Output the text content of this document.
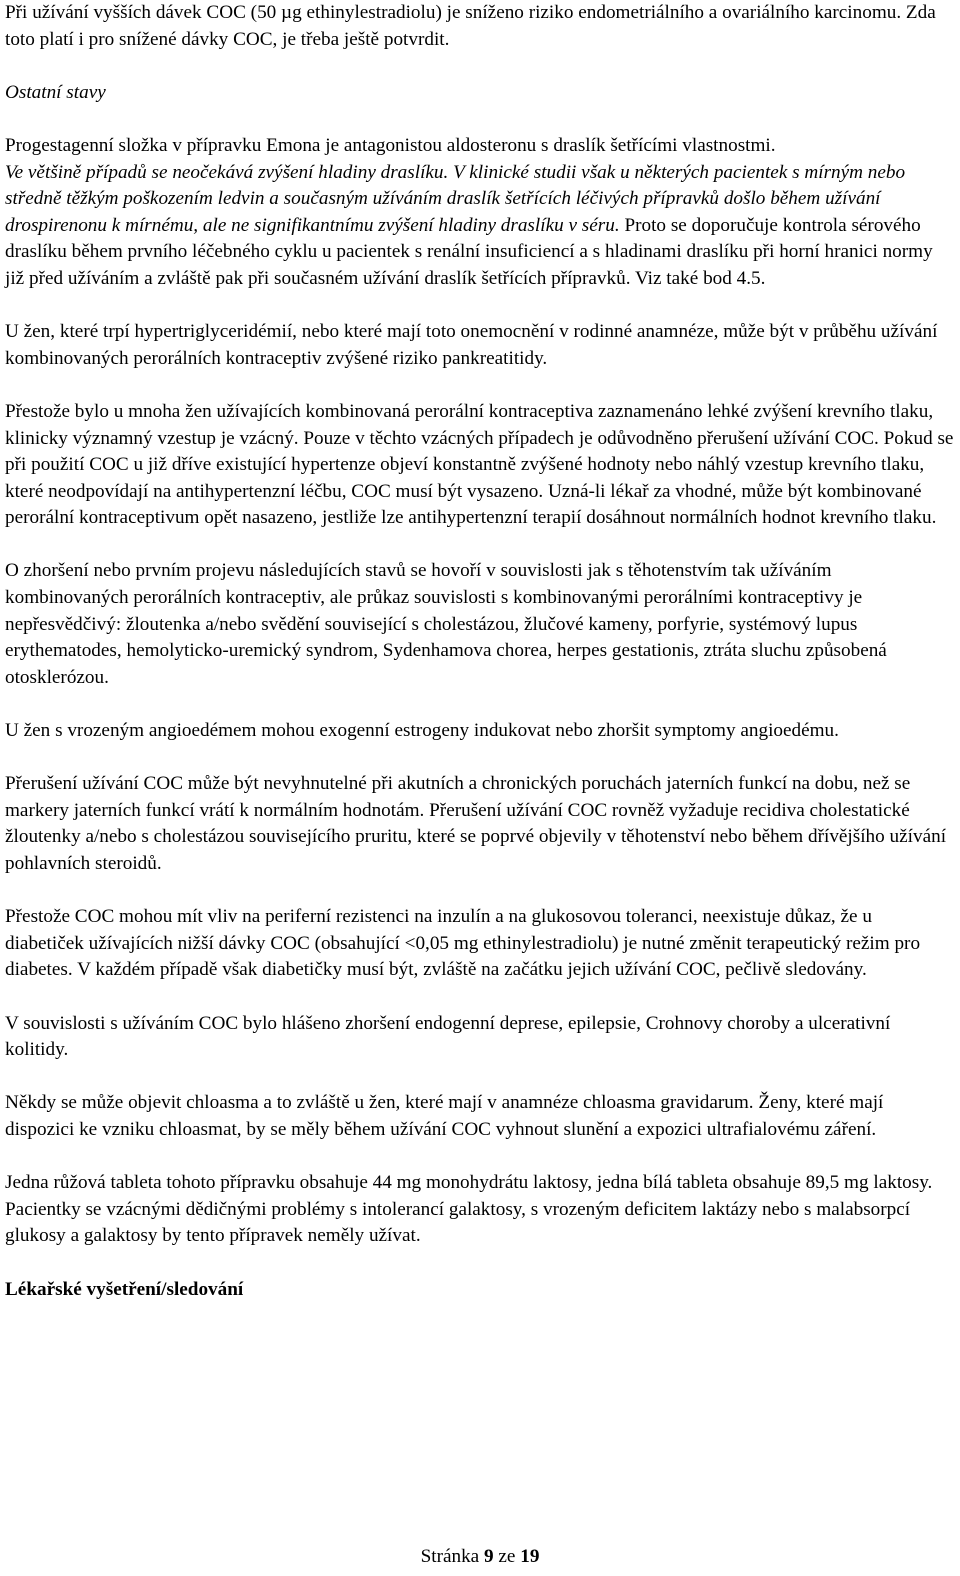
Při užívání vyšších dávek COC (50 µg ethinylestradiolu) je sníženo riziko endometriálního a ovariálního karcinomu. Zda toto platí i pro snížené dávky COC, je třeba ještě potvrdit.

Ostatní stavy

Progestagenní složka v přípravku Emona je antagonistou aldosteronu s draslík šetřícími vlastnostmi.
Ve většině případů se neočekává zvýšení hladiny draslíku. V klinické studii však u některých pacientek s mírným nebo středně těžkým poškozením ledvin a současným užíváním draslík šetřících léčivých přípravků došlo během užívání drospirenonu k mírnému, ale ne signifikantnímu zvýšení hladiny draslíku v séru. Proto se doporučuje kontrola sérového draslíku během prvního léčebného cyklu u pacientek s renální insuficiencí a s hladinami draslíku při horní hranici normy již před užíváním a zvláště pak při současném užívání draslík šetřících přípravků. Viz také bod 4.5.

U žen, které trpí hypertriglyceridémií, nebo které mají toto onemocnění v rodinné anamnéze, může být v průběhu užívání kombinovaných perorálních kontraceptiv zvýšené riziko pankreatitidy.

Přestože bylo u mnoha žen užívajících kombinovaná perorální kontraceptiva zaznamenáno lehké zvýšení krevního tlaku, klinicky významný vzestup je vzácný. Pouze v těchto vzácných případech je odůvodněno přerušení užívání COC. Pokud se při použití COC u již dříve existující hypertenze objeví konstantně zvýšené hodnoty nebo náhlý vzestup krevního tlaku, které neodpovídají na antihypertenzní léčbu, COC musí být vysazeno. Uzná-li lékař za vhodné, může být kombinované perorální kontraceptivum opět nasazeno, jestliže lze antihypertenzní terapií dosáhnout normálních hodnot krevního tlaku.

O zhoršení nebo prvním projevu následujících stavů se hovoří v souvislosti jak s těhotenstvím tak užíváním kombinovaných perorálních kontraceptiv, ale průkaz souvislosti s kombinovanými perorálními kontraceptivy je nepřesvědčivý: žloutenka a/nebo svědění související s cholestázou, žlučové kameny, porfyrie, systémový lupus erythematodes, hemolyticko-uremický syndrom, Sydenhamova chorea, herpes gestationis, ztráta sluchu způsobená otosklerózou.

U žen s vrozeným angioedémem mohou exogenní estrogeny indukovat nebo zhoršit symptomy angioedému.

Přerušení užívání COC může být nevyhnutelné při akutních a chronických poruchách jaterních funkcí na dobu, než se markery jaterních funkcí vrátí k normálním hodnotám. Přerušení užívání COC rovněž vyžaduje recidiva cholestatické žloutenky a/nebo s cholestázou souvisejícího pruritu, které se poprvé objevily v těhotenství nebo během dřívějšího užívání pohlavních steroidů.

Přestože COC mohou mít vliv na periferní rezistenci na inzulín a na glukosovou toleranci, neexistuje důkaz, že u diabetiček užívajících nižší dávky COC (obsahující <0,05 mg ethinylestradiolu) je nutné změnit terapeutický režim pro diabetes. V každém případě však diabetičky musí být, zvláště na začátku jejich užívání COC, pečlivě sledovány.

V souvislosti s užíváním COC bylo hlášeno zhoršení endogenní deprese, epilepsie, Crohnovy choroby a ulcerativní kolitidy.

Někdy se může objevit chloasma a to zvláště u žen, které mají v anamnéze chloasma gravidarum. Ženy, které mají dispozici ke vzniku chloasmat, by se měly během užívání COC vyhnout slunění a expozici ultrafialovému záření.

Jedna růžová tableta tohoto přípravku obsahuje 44 mg monohydrátu laktosy, jedna bílá tableta obsahuje 89,5 mg laktosy. Pacientky se vzácnými dědičnými problémy s intolerancí galaktosy, s vrozeným deficitem laktázy nebo s malabsorpcí glukosy a galaktosy by tento přípravek neměly užívat.

Lékařské vyšetření/sledování

Stránka 9 ze 19
